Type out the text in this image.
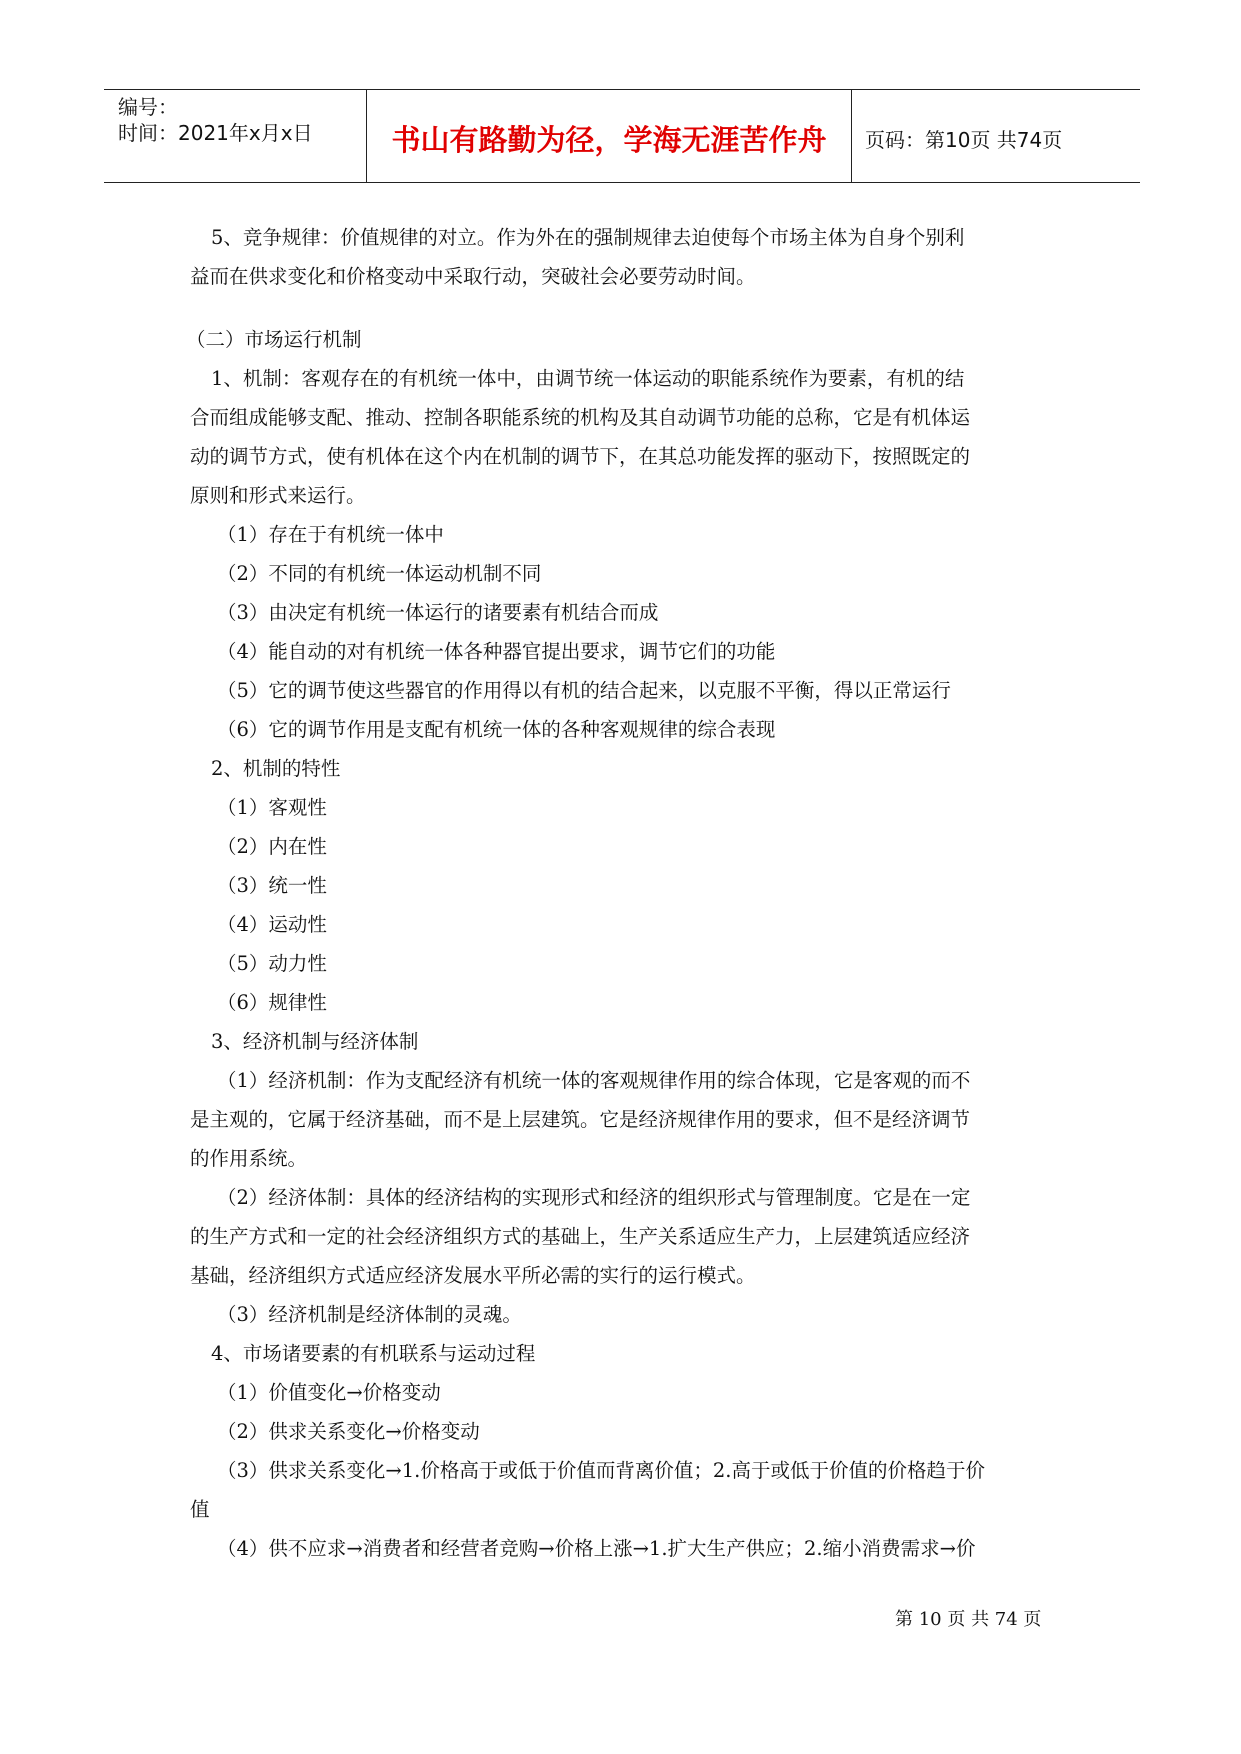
编号：
时间：2021年x月x日	书山有路勤为径，学海无涯苦作舟	页码：第10页 共74页

5、竞争规律：价值规律的对立。作为外在的强制规律去迫使每个市场主体为自身个别利

益而在供求变化和价格变动中采取行动，突破社会必要劳动时间。

（二）市场运行机制

1、机制：客观存在的有机统一体中，由调节统一体运动的职能系统作为要素，有机的结

合而组成能够支配、推动、控制各职能系统的机构及其自动调节功能的总称，它是有机体运

动的调节方式，使有机体在这个内在机制的调节下，在其总功能发挥的驱动下，按照既定的

原则和形式来运行。

（1）存在于有机统一体中

（2）不同的有机统一体运动机制不同

（3）由决定有机统一体运行的诸要素有机结合而成

（4）能自动的对有机统一体各种器官提出要求，调节它们的功能

（5）它的调节使这些器官的作用得以有机的结合起来，以克服不平衡，得以正常运行

（6）它的调节作用是支配有机统一体的各种客观规律的综合表现

2、机制的特性

（1）客观性

（2）内在性

（3）统一性

（4）运动性

（5）动力性

（6）规律性

3、经济机制与经济体制

（1）经济机制：作为支配经济有机统一体的客观规律作用的综合体现，它是客观的而不

是主观的，它属于经济基础，而不是上层建筑。它是经济规律作用的要求，但不是经济调节

的作用系统。

（2）经济体制：具体的经济结构的实现形式和经济的组织形式与管理制度。它是在一定

的生产方式和一定的社会经济组织方式的基础上，生产关系适应生产力，上层建筑适应经济

基础，经济组织方式适应经济发展水平所必需的实行的运行模式。

（3）经济机制是经济体制的灵魂。

4、市场诸要素的有机联系与运动过程

（1）价值变化→价格变动

（2）供求关系变化→价格变动

（3）供求关系变化→1.价格高于或低于价值而背离价值；2.高于或低于价值的价格趋于价

值

（4）供不应求→消费者和经营者竞购→价格上涨→1.扩大生产供应；2.缩小消费需求→价

第 10 页 共 74 页
